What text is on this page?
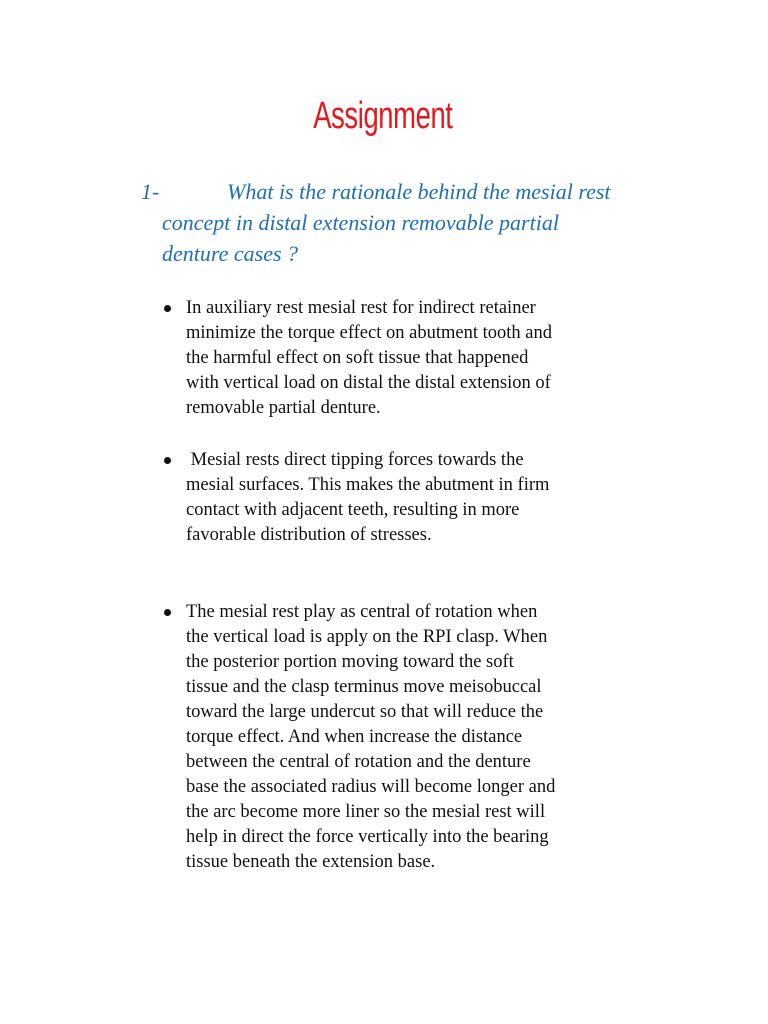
Assignment
1-	What is the rationale behind the mesial rest
concept in distal extension removable partial
denture cases ?
In auxiliary rest mesial rest for indirect retainer
minimize the torque effect on abutment tooth and
the harmful effect on soft tissue that happened
with vertical load on distal the distal extension of
removable partial denture.
Mesial rests direct tipping forces towards the
mesial surfaces. This makes the abutment in firm
contact with adjacent teeth, resulting in more
favorable distribution of stresses.
The mesial rest play as central of rotation when
the vertical load is apply on the RPI clasp. When
the posterior portion moving toward the soft
tissue and the clasp terminus move meisobuccal
toward the large undercut so that will reduce the
torque effect. And when increase the distance
between the central of rotation and the denture
base the associated radius will become longer and
the arc become more liner so the mesial rest will
help in direct the force vertically into the bearing
tissue beneath the extension base.
